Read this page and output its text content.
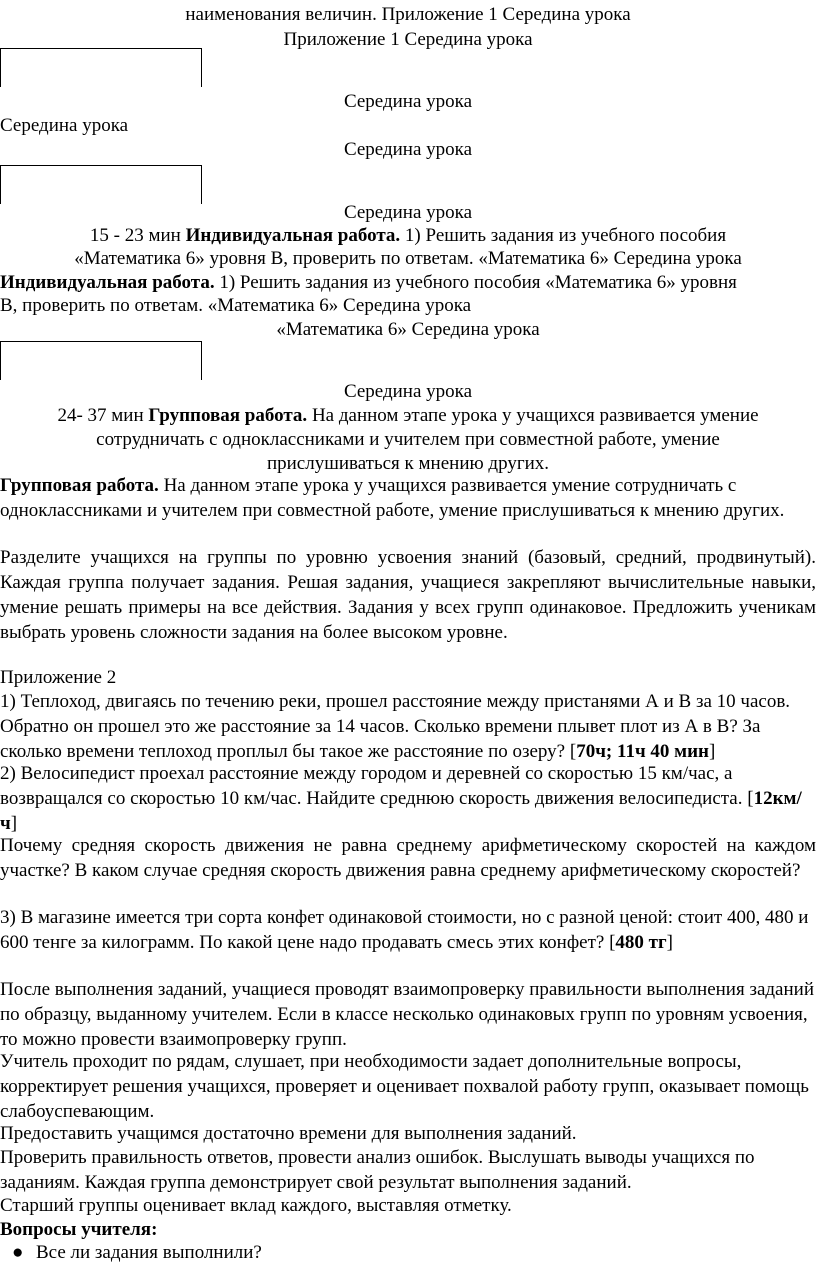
наименования величин. Приложение 1 Середина урока
Приложение 1 Середина урока
Середина урока
Середина урока
Середина урока
Середина урока
15 - 23 мин Индивидуальная работа. 1) Решить задания из учебного пособия
«Математика 6» уровня В, проверить по ответам. «Математика 6» Середина урока
Индивидуальная работа. 1) Решить задания из учебного пособия «Математика 6» уровня
В, проверить по ответам. «Математика 6» Середина урока
«Математика 6» Середина урока
Середина урока
24- 37 мин Групповая работа. На данном этапе урока у учащихся развивается умение
сотрудничать с одноклассниками и учителем при совместной работе, умение
прислушиваться к мнению других.

Групповая работа. На данном этапе урока у учащихся развивается умение сотрудничать с одноклассниками и учителем при совместной работе, умение прислушиваться к мнению других.

Разделите учащихся на группы по уровню усвоения знаний (базовый, средний, продвинутый). Каждая группа получает задания. Решая задания, учащиеся закрепляют вычислительные навыки, умение решать примеры на все действия. Задания у всех групп одинаковое. Предложить ученикам выбрать уровень сложности задания на более высоком уровне.

Приложение 2

1) Теплоход, двигаясь по течению реки, прошел расстояние между пристанями А и В за 10 часов. Обратно он прошел это же расстояние за 14 часов. Сколько времени плывет плот из А в В? За сколько времени теплоход проплыл бы такое же расстояние по озеру? [70ч; 11ч 40 мин]

2) Велосипедист проехал расстояние между городом и деревней со скоростью 15 км/час, а возвращался со скоростью 10 км/час. Найдите среднюю скорость движения велосипедиста. [12км/ч]

Почему средняя скорость движения не равна среднему арифметическому скоростей на каждом участке? В каком случае средняя скорость движения равна среднему арифметическому скоростей?

3) В магазине имеется три сорта конфет одинаковой стоимости, но с разной ценой: стоит 400, 480 и 600 тенге за килограмм. По какой цене надо продавать смесь этих конфет? [480 тг]

После выполнения заданий, учащиеся проводят взаимопроверку правильности выполнения заданий по образцу, выданному учителем. Если в классе несколько одинаковых групп по уровням усвоения, то можно провести взаимопроверку групп.

Учитель проходит по рядам, слушает, при необходимости задает дополнительные вопросы, корректирует решения учащихся, проверяет и оценивает похвалой работу групп, оказывает помощь слабоуспевающим.

Предоставить учащимся достаточно времени для выполнения заданий.

Проверить правильность ответов, провести анализ ошибок. Выслушать выводы учащихся по заданиям. Каждая группа демонстрирует свой результат выполнения заданий.

Старший группы оценивает вклад каждого, выставляя отметку.

Вопросы учителя:

● Все ли задания выполнили?
